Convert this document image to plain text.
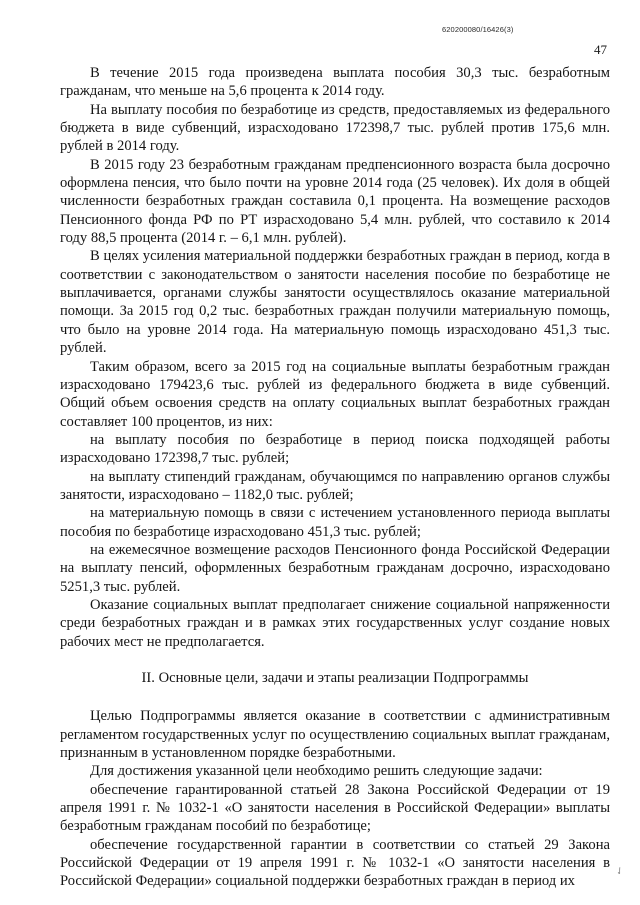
620200080/16426(3)
47

В течение 2015 года произведена выплата пособия 30,3 тыс. безработным гражданам, что меньше на 5,6 процента к 2014 году.

На выплату пособия по безработице из средств, предоставляемых из федерального бюджета в виде субвенций, израсходовано 172398,7 тыс. рублей против 175,6 млн. рублей в 2014 году.

В 2015 году 23 безработным гражданам предпенсионного возраста была досрочно оформлена пенсия, что было почти на уровне 2014 года (25 человек). Их доля в общей численности безработных граждан составила 0,1 процента. На возмещение расходов Пенсионного фонда РФ по РТ израсходовано 5,4 млн. рублей, что составило к 2014 году 88,5 процента (2014 г. – 6,1 млн. рублей).

В целях усиления материальной поддержки безработных граждан в период, когда в соответствии с законодательством о занятости населения пособие по безработице не выплачивается, органами службы занятости осуществлялось оказание материальной помощи. За 2015 год 0,2 тыс. безработных граждан получили материальную помощь, что было на уровне 2014 года. На материальную помощь израсходовано 451,3 тыс. рублей.

Таким образом, всего за 2015 год на социальные выплаты безработным граждан израсходовано 179423,6 тыс. рублей из федерального бюджета в виде субвенций. Общий объем освоения средств на оплату социальных выплат безработных граждан составляет 100 процентов, из них:

на выплату пособия по безработице в период поиска подходящей работы израсходовано 172398,7 тыс. рублей;

на выплату стипендий гражданам, обучающимся по направлению органов службы занятости, израсходовано – 1182,0 тыс. рублей;

на материальную помощь в связи с истечением установленного периода выплаты пособия по безработице израсходовано 451,3 тыс. рублей;

на ежемесячное возмещение расходов Пенсионного фонда Российской Федерации на выплату пенсий, оформленных безработным гражданам досрочно, израсходовано 5251,3 тыс. рублей.

Оказание социальных выплат предполагает снижение социальной напряженности среди безработных граждан и в рамках этих государственных услуг создание новых рабочих мест не предполагается.

II. Основные цели, задачи и этапы реализации Подпрограммы

Целью Подпрограммы является оказание в соответствии с административным регламентом государственных услуг по осуществлению социальных выплат гражданам, признанным в установленном порядке безработными.

Для достижения указанной цели необходимо решить следующие задачи:

обеспечение гарантированной статьей 28 Закона Российской Федерации от 19 апреля 1991 г. № 1032-1 «О занятости населения в Российской Федерации» выплаты безработным гражданам пособий по безработице;

обеспечение государственной гарантии в соответствии со статьей 29 Закона Российской Федерации от 19 апреля 1991 г. № 1032-1 «О занятости населения в Российской Федерации» социальной поддержки безработных граждан в период их

✓
